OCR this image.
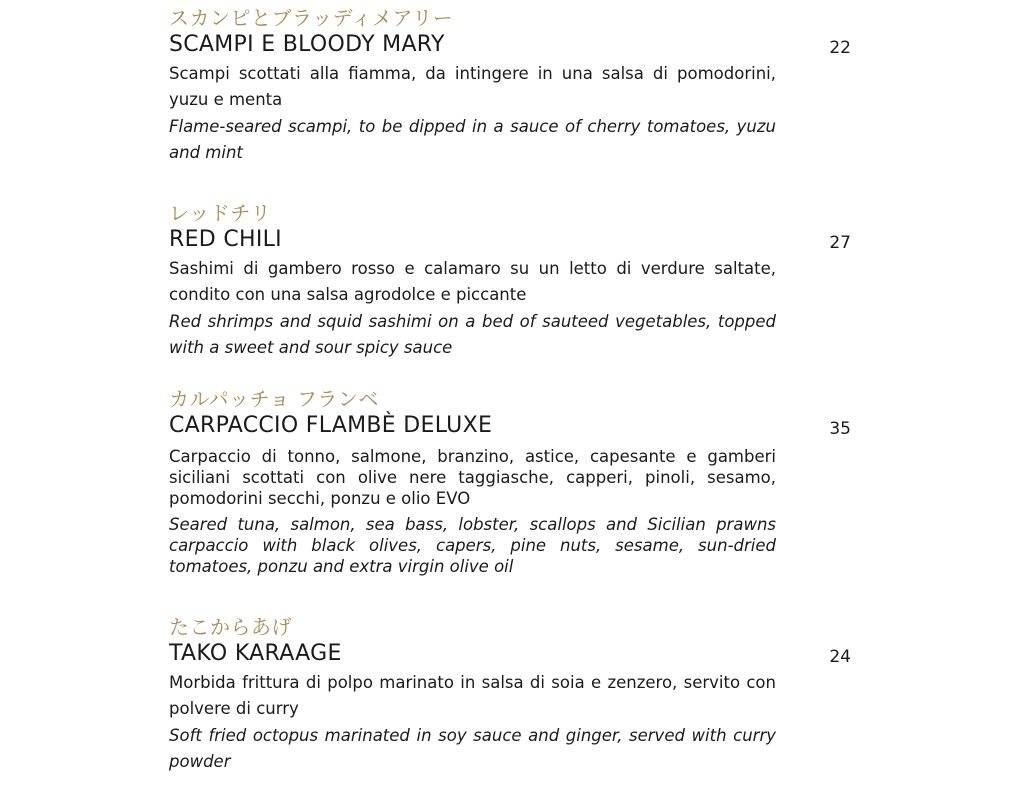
スカンピとブラッディメアリー
SCAMPI E BLOODY MARY	22
Scampi scottati alla fiamma, da intingere in una salsa di pomodorini, yuzu e menta
Flame-seared scampi, to be dipped in a sauce of cherry tomatoes, yuzu and mint
レッドチリ
RED CHILI	27
Sashimi di gambero rosso e calamaro su un letto di verdure saltate, condito con una salsa agrodolce e piccante
Red shrimps and squid sashimi on a bed of sauteed vegetables, topped with a sweet and sour spicy sauce
カルパッチョ フランベ
CARPACCIO FLAMBÈ DELUXE	35
Carpaccio di tonno, salmone, branzino, astice, capesante e gamberi siciliani scottati con olive nere taggiasche, capperi, pinoli, sesamo, pomodorini secchi, ponzu e olio EVO
Seared tuna, salmon, sea bass, lobster, scallops and Sicilian prawns carpaccio with black olives, capers, pine nuts, sesame, sun-dried tomatoes, ponzu and extra virgin olive oil
たこからあげ
TAKO KARAAGE	24
Morbida frittura di polpo marinato in salsa di soia e zenzero, servito con polvere di curry
Soft fried octopus marinated in soy sauce and ginger, served with curry powder
